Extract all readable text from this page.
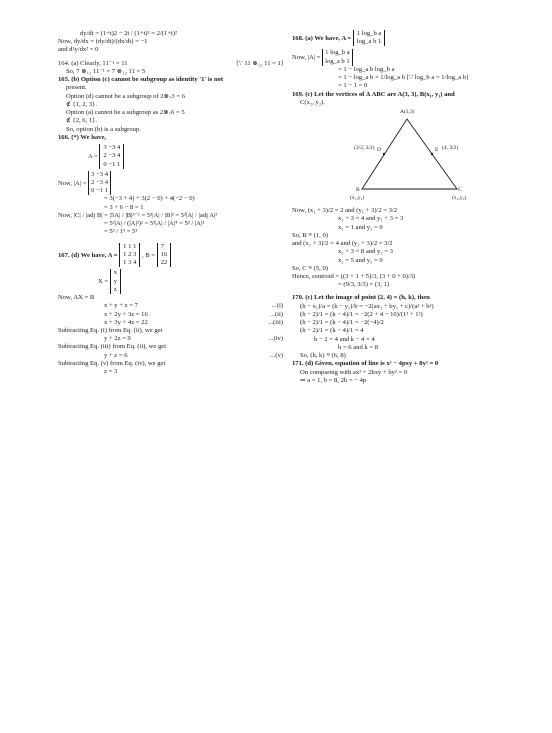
dy/dt = (1+t)2 − 2t / (1+t)² = 2/(1+t)²
Now, dy/dx = (dy/dt)/(dx/dt) = −1
and d²y/dx² = 0
164. (a) Clearly, 11⁻¹ = 11	[∵ 11 ⊗₁₂ 11 = 1]
So, 7 ⊗₁₂ 11⁻¹ = 7 ⊗₁₂ 11 = 5
165. (b) Option (c) cannot be subgroup as identity '1' is not
present.
Option (d) cannot be a subgroup of 2⊗₇3 = 6
∉ {1, 2, 3}.
Option (a) cannot be a subgroup as 2⊗₇6 = 5
∉ {2, 6, 1}.
So, option (b) is a subgroup.
166. (*) We have,
A =
3 −3 4
2 −3 4
0 −1 1
Now, |A| =
3 −3 4
2 −3 4
0 −1 1
= 3(−3 + 4) + 3(2 − 0) + 4(−2 − 0)
= 3 + 6 − 8 = 1
Now, |C| / |adj B| = |5A| / |B|³⁻¹ = 5³|A| / |B|² = 5³|A| / |adj A|²
= 5³|A| / (|A|²)² = 5³|A| / |A|⁴ = 5³ / |A|³
= 5³ / 1³ = 5³
167. (d) We have, A =
1 1 1
1 2 3
1 3 4
, B =
7
16
22
X =
x
y
z
Now, AX = B
x + y + z = 7	...(i)
x + 2y + 3z = 16	...(ii)
x + 3y + 4z = 22	...(iii)
Subtracting Eq. (i) from Eq. (ii), we get
y + 2z = 9	...(iv)
Subtracting Eq. (iii) from Eq. (ii), we get
y + z = 6	...(v)
Subtracting Eq. (v) from Eq. (iv), we get
z = 3
168. (a) We have, A =
1 log_b a
log_a b 1
Now, |A| =
1 log_b a
log_a b 1
= 1 − log_a b log_b a
= 1 − log_a b × 1/log_a b [∵ log_b a = 1/log_a b]
= 1 − 1 = 0
169. (c) Let the vertices of Δ ABC are A(3, 3), B(x₁, y₁) and
C(x₂, y₂).
A(3,3)
D
(3/2, 3/2)	E (4, 3/2)
B
(x₁,y₁)
C
(x₂,y₂)
Now, (x₁ + 3)/2 = 2 and (y₁ + 3)/2 = 3/2
x₁ + 3 = 4 and y₁ + 3 = 3
x₁ = 1 and y₁ = 0
So, B ≡ (1, 0)
and (x₂ + 3)/2 = 4 and (y₂ + 3)/2 = 3/2
x₂ + 3 = 8 and y₂ = 3
x₂ = 5 and y₂ = 0
So, C ≡ (5, 0)
Hence, centroid = ((3 + 1 + 5)/3, (3 + 0 + 0)/3)
= (9/3, 3/3) = (3, 1)
170. (c) Let the image of point (2, 4) = (h, k), then
(h − x₁)/a = (k − y₁)/b = −2(ax₁ + by₁ + c)/(a² + b²)
(h − 2)/1 = (k − 4)/1 = −2(2 + 4 − 10)/(1² + 1²)
(h − 2)/1 = (k − 4)/1 = −2(−4)/2
(h − 2)/1 = (k − 4)/1 = 4
h − 2 = 4 and k − 4 = 4
h = 6 and k = 8
So, (h, k) ≡ (6, 8)
171. (d) Given, equation of line is x² − 4pxy + 8y² = 0
On comparing with ax² + 2hxy + by² = 0
⇒ a = 1, b = 8, 2h = − 4p
